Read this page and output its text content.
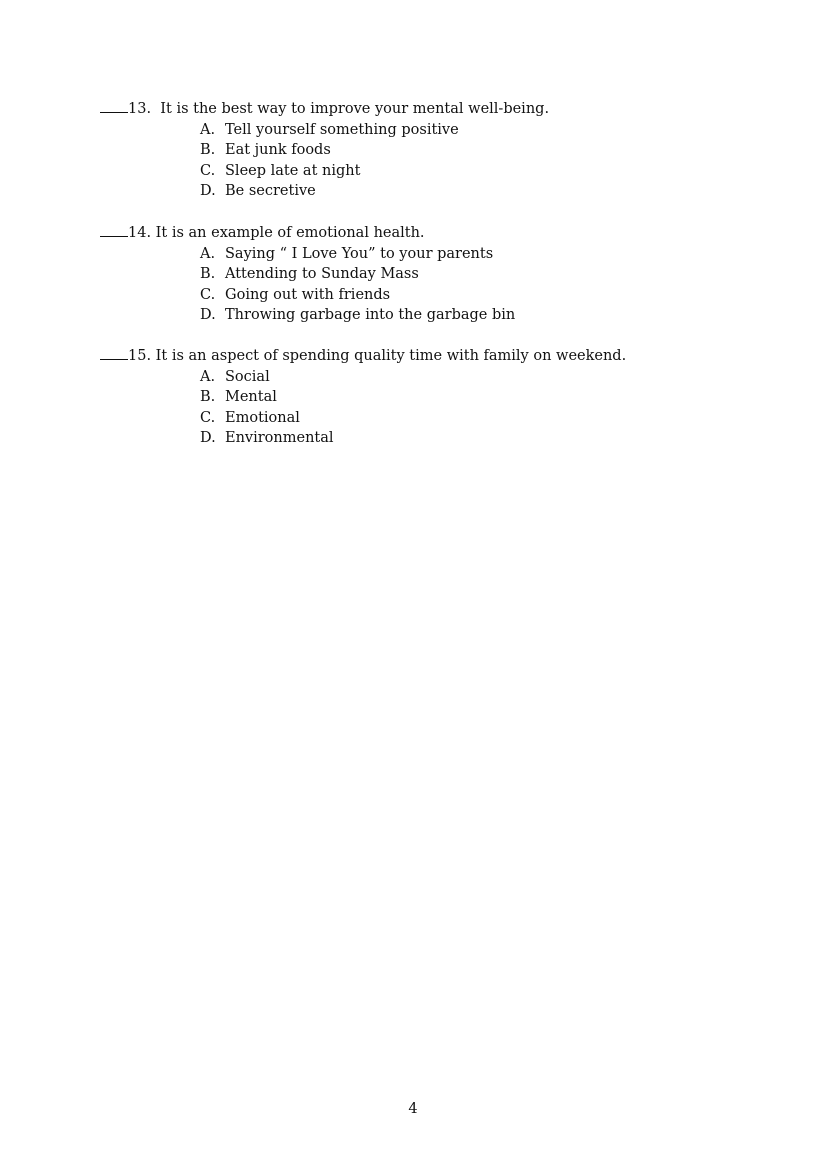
13. It is the best way to improve your mental well-being.
A. Tell yourself something positive
B. Eat junk foods
C. Sleep late at night
D. Be secretive
14. It is an example of emotional health.
A. Saying “ I Love You” to your parents
B. Attending to Sunday Mass
C. Going out with friends
D. Throwing garbage into the garbage bin
15. It is an aspect of spending quality time with family on weekend.
A. Social
B. Mental
C. Emotional
D. Environmental
4
